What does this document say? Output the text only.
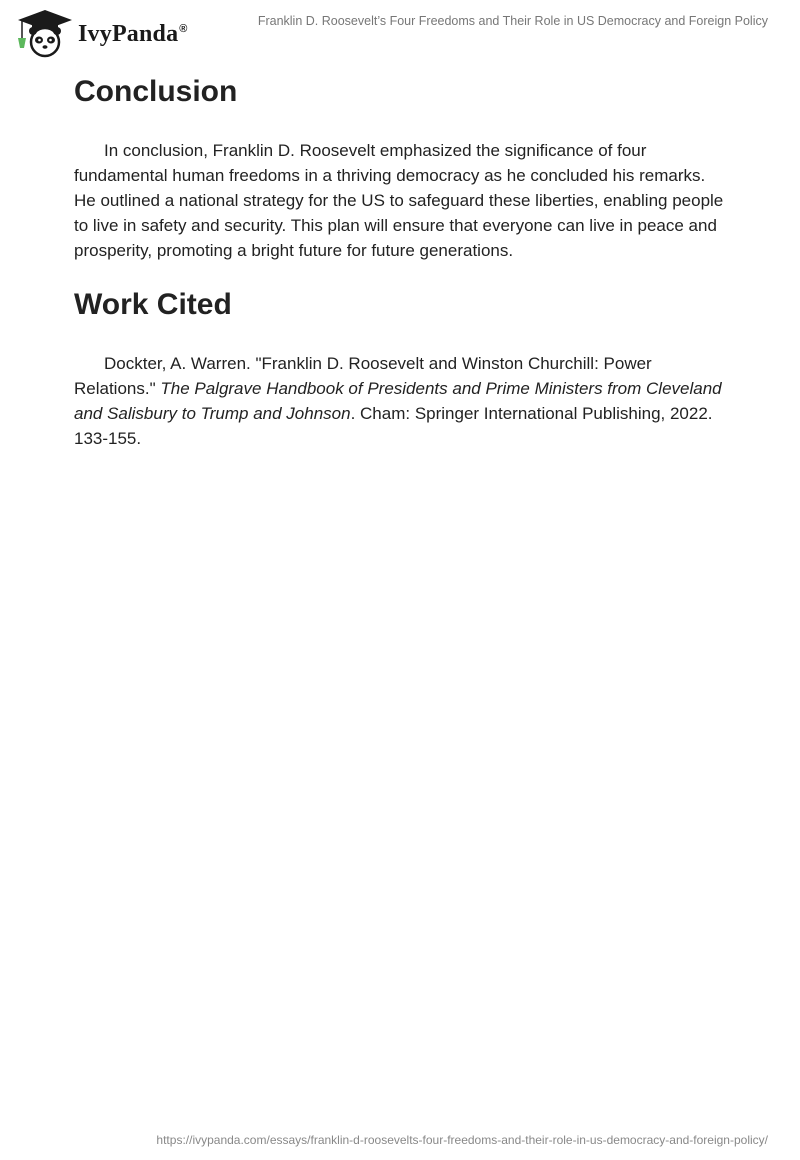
IvyPanda®
Franklin D. Roosevelt’s Four Freedoms and Their Role in US Democracy and Foreign Policy
Conclusion

In conclusion, Franklin D. Roosevelt emphasized the significance of four fundamental human freedoms in a thriving democracy as he concluded his remarks. He outlined a national strategy for the US to safeguard these liberties, enabling people to live in safety and security. This plan will ensure that everyone can live in peace and prosperity, promoting a bright future for future generations.

Work Cited

Dockter, A. Warren. "Franklin D. Roosevelt and Winston Churchill: Power Relations." The Palgrave Handbook of Presidents and Prime Ministers from Cleveland and Salisbury to Trump and Johnson. Cham: Springer International Publishing, 2022. 133-155.

https://ivypanda.com/essays/franklin-d-roosevelts-four-freedoms-and-their-role-in-us-democracy-and-foreign-policy/
